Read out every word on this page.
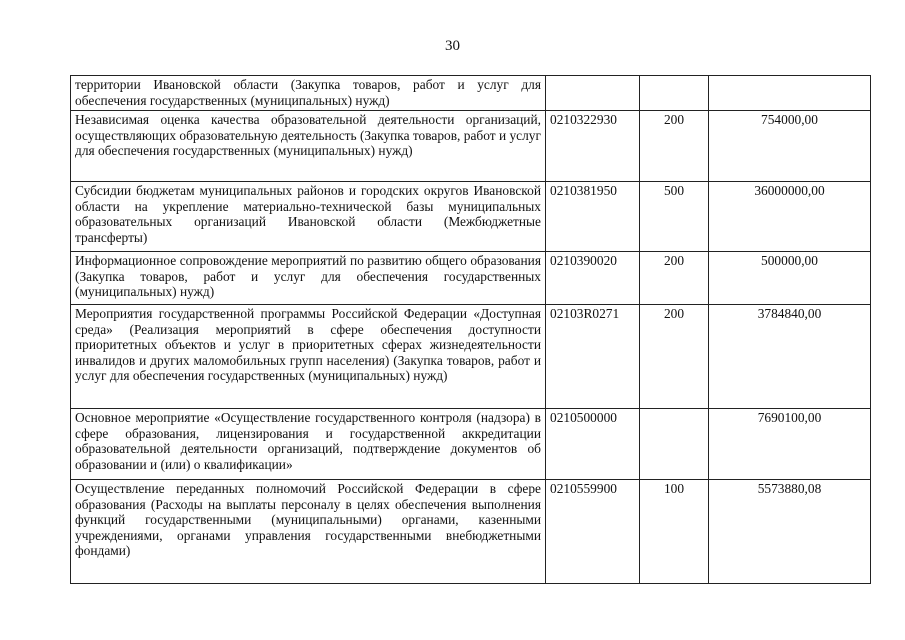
30
территории Ивановской области (Закупка товаров, работ и услуг для обеспечения государственных (муниципальных) нужд)			
Независимая оценка качества образовательной деятельности организаций, осуществляющих образовательную деятельность (Закупка товаров, работ и услуг для обеспечения государственных (муниципальных) нужд)	0210322930	200	754000,00
Субсидии бюджетам муниципальных районов и городских округов Ивановской области на укрепление материально-технической базы муниципальных образовательных организаций Ивановской области (Межбюджетные трансферты)	0210381950	500	36000000,00
Информационное сопровождение мероприятий по развитию общего образования (Закупка товаров, работ и услуг для обеспечения государственных (муниципальных) нужд)	0210390020	200	500000,00
Мероприятия государственной программы Российской Федерации «Доступная среда» (Реализация мероприятий в сфере обеспечения доступности приоритетных объектов и услуг в приоритетных сферах жизнедеятельности инвалидов и других маломобильных групп населения) (Закупка товаров, работ и услуг для обеспечения государственных (муниципальных) нужд)	02103R0271	200	3784840,00
Основное мероприятие «Осуществление государственного контроля (надзора) в сфере образования, лицензирования и государственной аккредитации образовательной деятельности организаций, подтверждение документов об образовании и (или) о квалификации»	0210500000		7690100,00
Осуществление переданных полномочий Российской Федерации в сфере образования (Расходы на выплаты персоналу в целях обеспечения выполнения функций государственными (муниципальными) органами, казенными учреждениями, органами управления государственными внебюджетными фондами)	0210559900	100	5573880,08
